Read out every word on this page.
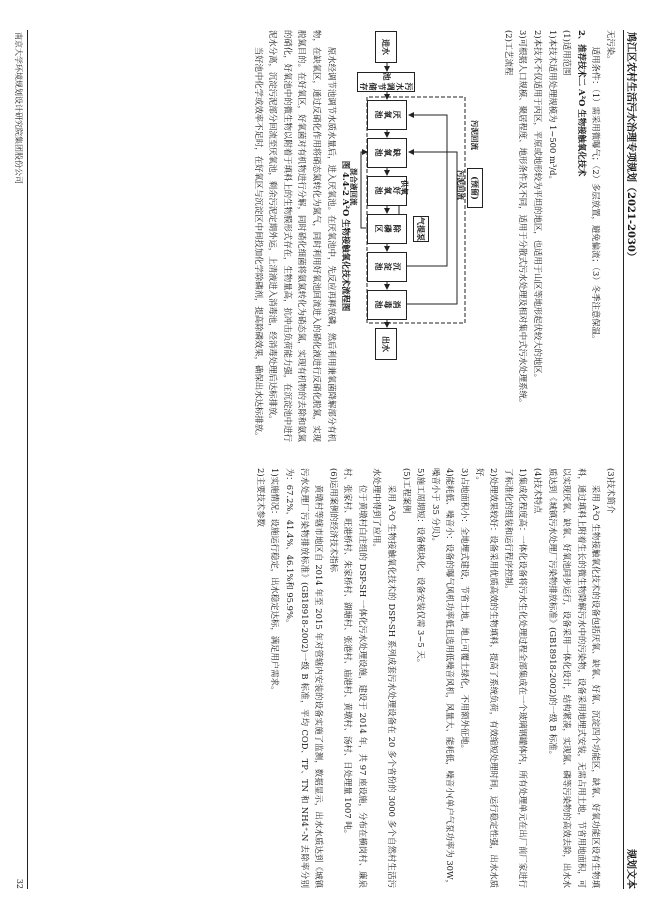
鸠江区农村生活污水治理专项规划（2021-2030）
规划文本

无污染。

适用条件：（1）需采用微曝气；（2）多层放置，避免偏流；（3）冬季注意保温。

2、推荐技术二 A²O 生物接触氧化技术

(1)适用范围

1)本技术适用处理规模为 1~500 m³/d。

2)本技术不仅适用于丙区，平原或地形较为平坦的地区，也适用于山区等地形起伏较大的地区。

3)可根据人口规模、聚居程度、地形条件及不同，适用于分散式污水处理及相对集中式污水处理系统。

(2)工艺流程

进水
污水调节储存池
厌氧池
缺氧池
好氧池
除磷区
沉淀池
消毒池
出水
(预留)
污泥回流
污泥回流
混合液回流	供氧
气提泵

图 4.4-2 A²O 生物接触氧化技术流程图

原水经调节池调节水质水量后，进入厌氧池。在厌氧池中，先反应再释放磷，然后利用兼氧菌降解部分有机物，在缺氧区，通过反硝化作用将硝态氮转化为氮气，同时利用好氧池回流进入的硝化液进行反硝化脱氮，实现脱氮目的。在好氧区，好氧菌对有机物进行分解，同时硝化细菌将氨氮转化为硝态氮，实现有机物的去除和氨氮的硝化，好氧池中的微生物以附着于填料上的生物膜形式存在，生物量高，抗冲击负荷能力强，在沉淀池中进行泥水分离，沉淀污泥部分回流至厌氧池，剩余污泥定期外运，上清液进入消毒池，经消毒处理后达标排放。

当好池中化学或效率不足时，在好氧区与沉淀区中间投加化学除磷剂，提高除磷效果，确保出水达标排放。

(3)技术简介

采用 A²O 生物接触氧化技术的设备包括厌氧、缺氧、好氧、沉淀四个功能区，缺氧、好氧功能区设有生物填料，通过填料上附着生长的微生物降解污水中的污染物，设备采用地埋式安装，无需占用土地，节省用地面积，可以实现厌氧、缺氧、好氧池同步运行，设备采用一体化设计，结构紧凑，实现氮、磷等污染物的高效去除，出水水质达到《城镇污水处理厂污染物排放标准》(GB18918-2002)的一级 B 标准。

(4)技术特点

1)集成化程度高：一体化设备将污水生化处理过程全部集成在一个玻璃钢罐体内，所有处理单元在出厂前厂家进行了标准化的组装和运行程序控制。

2)处理效果较好：设备采用优质高效的生物填料，提高了系统负荷，有效缩短处理时间，运行稳定性强，出水水质好。

3)占地面积小：全地埋式建设，节省土地，地上可覆土绿化，不用额外征地。

4)能耗低、噪音小：设备的曝气风机功率低且选用低噪音风机，风量大、能耗低，噪音小(单户气泵功率为 30W，噪音小于 35 分贝)。

5)施工周期短：设备模块化，设备安装仅需 3~5 天。

(5)工程案例

采用 A²O 生物接触氧化技术的 DSP-SH 系列成套污水处理设备在 20 多个省份的 3000 多个自然村生活污水处理中得到了应用。

位于黄墩村白庄组的 DSP-SH 一体化污水处理设施，建设于 2014 年，共 97 座设施，分布在横岗村、廉泉村、张家村、旺港桥村、朱家桥村、湖塘村、张港村、庙港村、黄墩村、汤村、日处理量 1007 吨。

(6)运用案例的经济技术指标

黄墩村等辖市地区自 2014 年至 2015 年对管辖内安装的设备实施了监测，数据显示，出水水质达到《城镇污水处理厂污染物排放标准》(GB18918-2002)一级 B 标准，平均 COD、TP、TN 和 NH4⁺-N 去除率分别为：67.2%、41.4%、46.1%和 95.9%。

1)实施情况：设施运行稳定，出水稳定达标，满足用户需求。

2)主要技术参数

南京大学环境规划设计研究院集团股份公司
32
